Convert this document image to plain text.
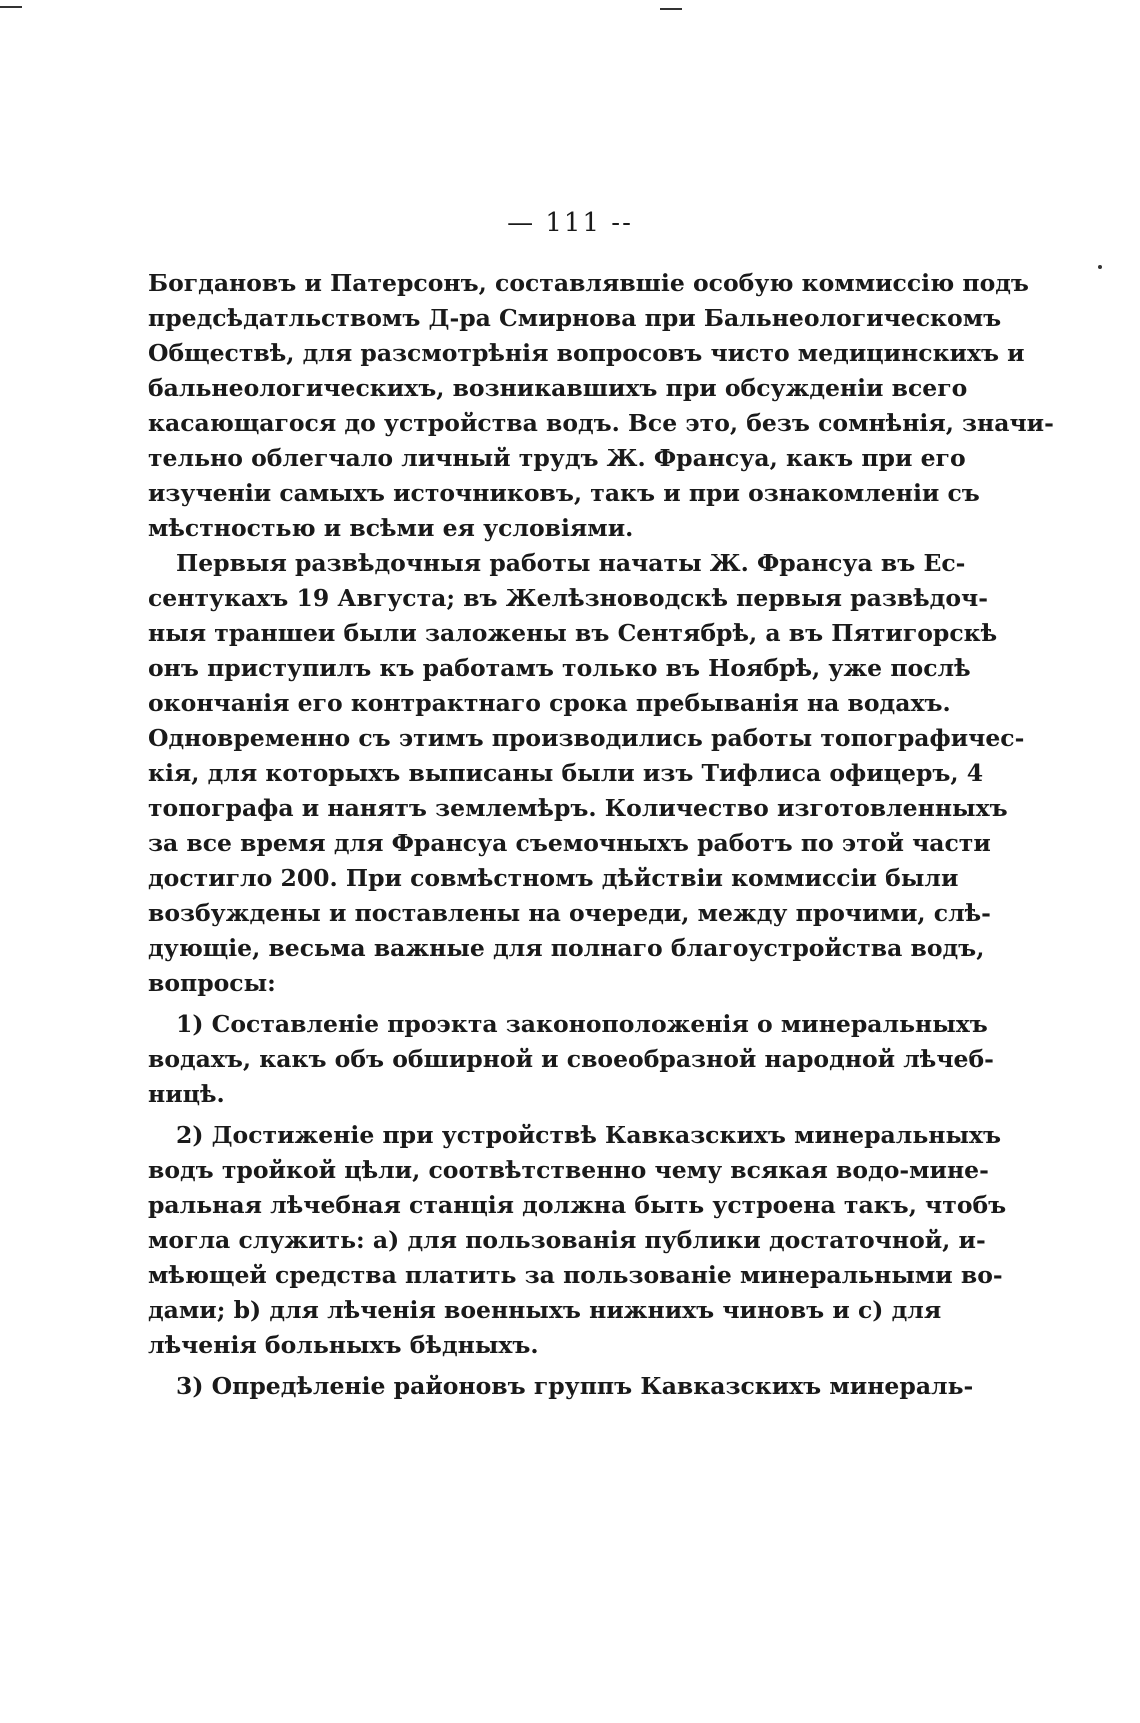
— 111 --
Богдановъ и Патерсонъ, составлявшіе особую коммиссію подъ
предсѣдатльствомъ Д-ра Смирнова при Бальнеологическомъ
Обществѣ, для разсмотрѣнія вопросовъ чисто медицинскихъ и
бальнеологическихъ, возникавшихъ при обсужденіи всего
касающагося до устройства водъ. Все это, безъ сомнѣнія, значи-
тельно облегчало личный трудъ Ж. Франсуа, какъ при его
изученіи самыхъ источниковъ, такъ и при ознакомленіи съ
мѣстностью и всѣми ея условіями.
Первыя развѣдочныя работы начаты Ж. Франсуа въ Ес-
сентукахъ 19 Августа; въ Желѣзноводскѣ первыя развѣдоч-
ныя траншеи были заложены въ Сентябрѣ, а въ Пятигорскѣ
онъ приступилъ къ работамъ только въ Ноябрѣ, уже послѣ
окончанія его контрактнаго срока пребыванія на водахъ.
Одновременно съ этимъ производились работы топографичес-
кія, для которыхъ выписаны были изъ Тифлиса офицеръ, 4
топографа и нанятъ землемѣръ. Количество изготовленныхъ
за все время для Франсуа съемочныхъ работъ по этой части
достигло 200. При совмѣстномъ дѣйствіи коммиссіи были
возбуждены и поставлены на очереди, между прочими, слѣ-
дующіе, весьма важные для полнаго благоустройства водъ,
вопросы:
1) Составленіе проэкта законоположенія о минеральныхъ
водахъ, какъ объ обширной и своеобразной народной лѣчеб-
ницѣ.
2) Достиженіе при устройствѣ Кавказскихъ минеральныхъ
водъ тройкой цѣли, соотвѣтственно чему всякая водо-мине-
ральная лѣчебная станція должна быть устроена такъ, чтобъ
могла служить: a) для пользованія публики достаточной, и-
мѣющей средства платить за пользованіе минеральными во-
дами; b) для лѣченія военныхъ нижнихъ чиновъ и c) для
лѣченія больныхъ бѣдныхъ.
3) Опредѣленіе районовъ группъ Кавказскихъ минераль-
